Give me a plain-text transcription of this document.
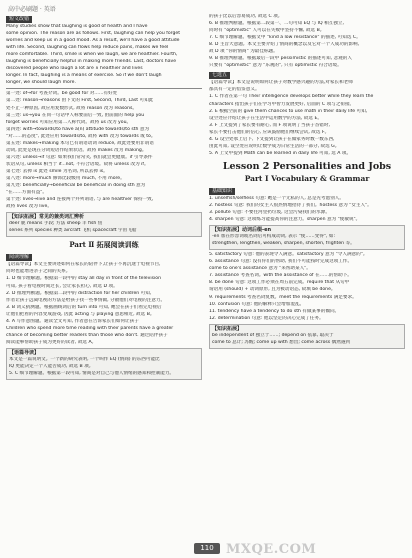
高中必刷题 · 英语
短文改错
Many studies show that laughing is good of health and I have
some opinion. The reason are as follows. First, laughing can help you forget
worries and keep us in a good mood. As a result, we'll have a good attitude
with life. Second, laughing can flows help reduce pains, makes we feel
more comfortable. Third, smile is when we laugh, we are healthier. Fourth,
laughing is beneficially helpful in making more friends. Last, doctors have
discovered people who laugh a lot are ∧ healthier and lives
longer. In fact, laughing is a means of exercise. So if we don't laugh
longer, we should laugh more.
第一处: of→for 考查介词。be good for 对……有好处
第二处: reason→reasons 由下文的 First, Second, Third, Last 可知此
处不止一种原因, 故应用复数形式, 故将 reason 改为 reasons。
第三处: us→you 在同一句话中人称要前后一致, 由前面的 help you
forget worries 可知应用第二人称代词。故将 us 改为 you。
第四处: with→towards/to have a(n) attitude towards/to sth 意为
"对……的态度", 此处应用 towards/to, 故将 with 改为 towards 或 to。
第五处: makes→making 本句已有谓语动词 reduce, 故此处要用非谓语
动词, 此处是现在分词短语作结果状语。故将 makes 改为 making。
第六处: unless→if 句意: 如果我们常常笑, 我们就会更健康。if 引导条件
状语从句, unless 相当于 if...not, 不符合语境。故将 unless 改为 if。
第七处: 去掉 is 此处 smile 为名词, 所以去掉 is。
第八处: more→much 修饰比较级用 much, 不用 more。
第九处: beneficially→beneficial be beneficial in doing sth 意为
"在……方面有益"。
第十处: lives→live and 连接两个并列谓语, 与 are healthier 保持一致,
故将 lives 改为 live。
【知识拓展】常见的兼类词汇辨析
deer 鹿 means 手段; 方法 sheep 羊 fish 鱼
series 系列 species 种类 aircraft 飞机 spacecraft 宇宙飞船
Part Ⅱ 拓展阅读训练
阅读理解
【语篇导读】本文主要讲述如何在家长的陪伴下,让孩子不再沉迷于电视节目,
同时也能增进亲子之间的关系。
1. D 细节理解题。根据第一段中的 stay all day in front of the television
可知, 孩子看电视时间过长, 会让家长担心, 故选 D 项。
2. D 推理判断题。根据第二段中的 distraction for her children 可知,
作者让孩子远离电视的方法是给孩子找一些事情做, 分散他们对电视的注意力。
3. B 词义猜测题。根据画线词后的 turn into 可知, 她会在孩子们看完电视后
让他们把看的内容变成游戏, 因此 acting 与 playing 意思相近, 故选 B。
4. A 写作意图题。通读全文可知, 作者意在告诉家长们如何让孩子
Children who spend more time reading with their parents have a greater
chance of becoming better readers than those who don't. 通过陪伴孩子
阅读能够帮助孩子成为更好的读者, 故选 A。
【语篇导读】
本文是一篇说明文。一个新的研究表明, 一个叫作 EQ (情商) 的东西可能比
IQ 更能决定一个人能否成功, 故选 B 项。
5. C 细节理解题。根据第一段可知, 情商是对自己与他人情绪的感知和控制能力。
的孩子比以后容易成功, 故选 C 项。
6. B 推理判断题。根据第二段第一、二句可知 EQ 与 IQ 相互独立,
同时有 "optimistic" 人可以在失败中坚持不懈, 故选 B。
7. C 细节理解题。根据文中 "kind a low resistance" 的描述, 可知选 C。
8. D 主旨大意题。本文主要介绍了情商的概念以及它对一个人成功的影响,
故 D 项 "你的情商" 为最佳标题。
9. B 推理判断题。根据最后一段中 pessimistic 的描述可知, 悲观的人
只要有 "optimistic" 意为 "乐观的", 只有 optimistic 符合语境。
七选五
【语篇导读】本文是说明如何让孩子对数学感兴趣的方法,对家长和老师
都具有一定的借鉴意义。
1. C 作者在第一句 Their intelligence develops better while they learn the
characters 指出孩子们在学习中智力发展更好, 后面的 C 项与之衔接。
2. E 根据空前的 give them chances to use math in their daily life 可知,
设空处应介绍让孩子在生活中运用数学的方法, 故选 E。
3. F 上文提到了家长要有耐心, 而 F 项说明了当孩子答错时,
家长不要打击他们的信心, 应该鼓励他们继续尝试, 故选 F。
4. G 设空处承上启下, 下文提到让孩子在做家务时数一数东西,
由此可知, 设空处应说明让数学成为日常生活的一部分, 故选 G。
5. A 上文中提到 Math can be learned in daily life 可知, 选 A 项。
Lesson 2 Personalities and Jobs
Part Ⅰ Vocabulary & Grammar
基础知识
1. unselfish/selfless 句意: 她是一个无私的人, 总是先考虑别人。
2. hostess 句意: 我们的女主人很热情地招待了我们。hostess 意为 "女主人"。
3. pollute 句意: 不要往河里扔垃圾, 这会污染我们的水源。
4. sharpen 句意: 这项练习能提高你的注意力。sharpen 意为 "使敏锐"。
【知识拓展】动词后缀-en
-en 加在形容词或名词后可构成动词, 表示 "使……变得", 如:
strengthen, lengthen, weaken, sharpen, shorten, frighten 等。
5. satisfactory 句意: 他的表现令人满意。satisfactory 意为 "令人满意的"。
6. assistance 句意: 没有你们的帮助, 我们不可能按时完成这项工作。
come to one's assistance 意为 "来帮助某人"。
7. assistance 考查名词。with the assistance of 在……的帮助下。
8. be done 句意: 这项工作必须在周五前完成。require that 从句中
谓语用 (should) + 动词原形, 且为被动语态, 故填 be done。
9. requirements 考查名词复数。meet the requirements 满足要求。
10. confusion 句意: 他的解释只会增加混乱。
11. tendency have a tendency to do sth 有做某事的倾向。
12. determination 句意: 他以坚定的决心完成了任务。
【知识拓展】
be independent of 独立于……; depend on 依靠, 取决于
come to 总计; 苏醒; come up with 想出; come across 偶然遇到
110 MXQE.COM
